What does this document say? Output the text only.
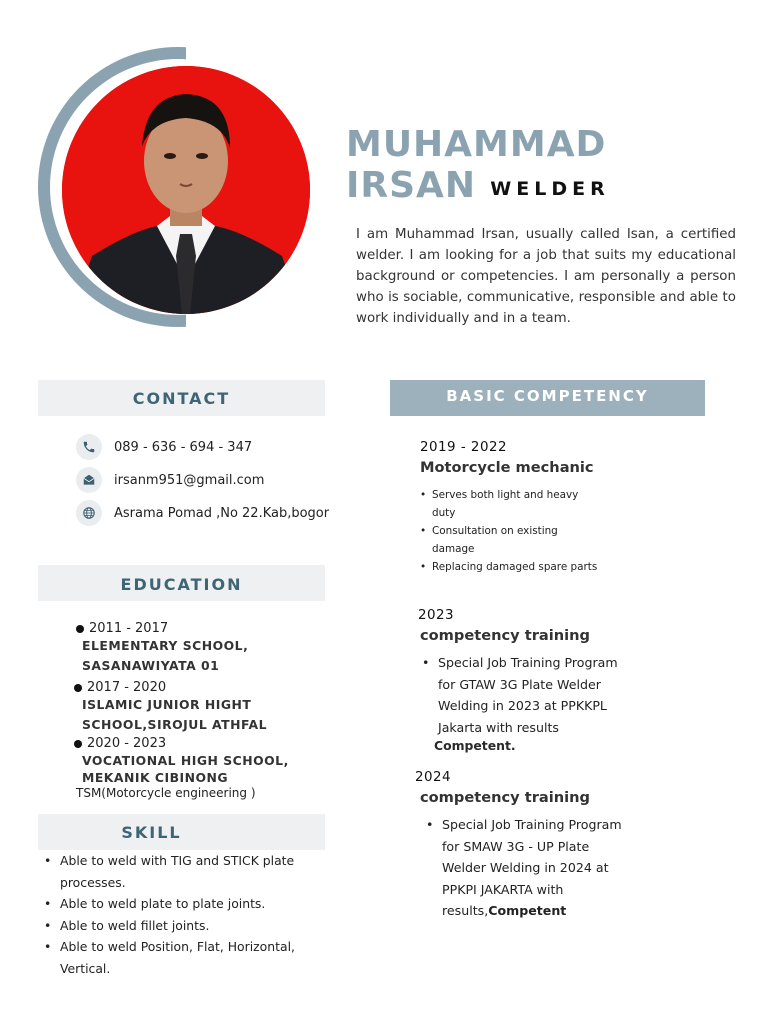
MUHAMMAD IRSAN WELDER
I am Muhammad Irsan, usually called Isan, a certified welder. I am looking for a job that suits my educational background or competencies. I am personally a person who is sociable, communicative, responsible and able to work individually and in a team.
CONTACT
089 - 636 - 694 - 347
irsanm951@gmail.com
Asrama Pomad ,No 22.Kab,bogor
EDUCATION
2011 - 2017
ELEMENTARY SCHOOL,
SASANAWIYATA 01
2017 - 2020
ISLAMIC JUNIOR HIGHT
SCHOOL,SIROJUL ATHFAL
2020 - 2023
VOCATIONAL HIGH SCHOOL,
MEKANIK CIBINONG
TSM(Motorcycle engineering )
SKILL
• Able to weld with TIG and STICK plate processes.
• Able to weld plate to plate joints.
• Able to weld fillet joints.
• Able to weld Position, Flat, Horizontal, Vertical.
BASIC COMPETENCY
2019 - 2022
Motorcycle mechanic
• Serves both light and heavy duty
• Consultation on existing damage
• Replacing damaged spare parts
2023
competency training
• Special Job Training Program for GTAW 3G Plate Welder Welding in 2023 at PPKKPL Jakarta with results
Competent.
2024
competency training
• Special Job Training Program for SMAW 3G - UP Plate Welder Welding in 2024 at PPKPI JAKARTA with results,Competent
